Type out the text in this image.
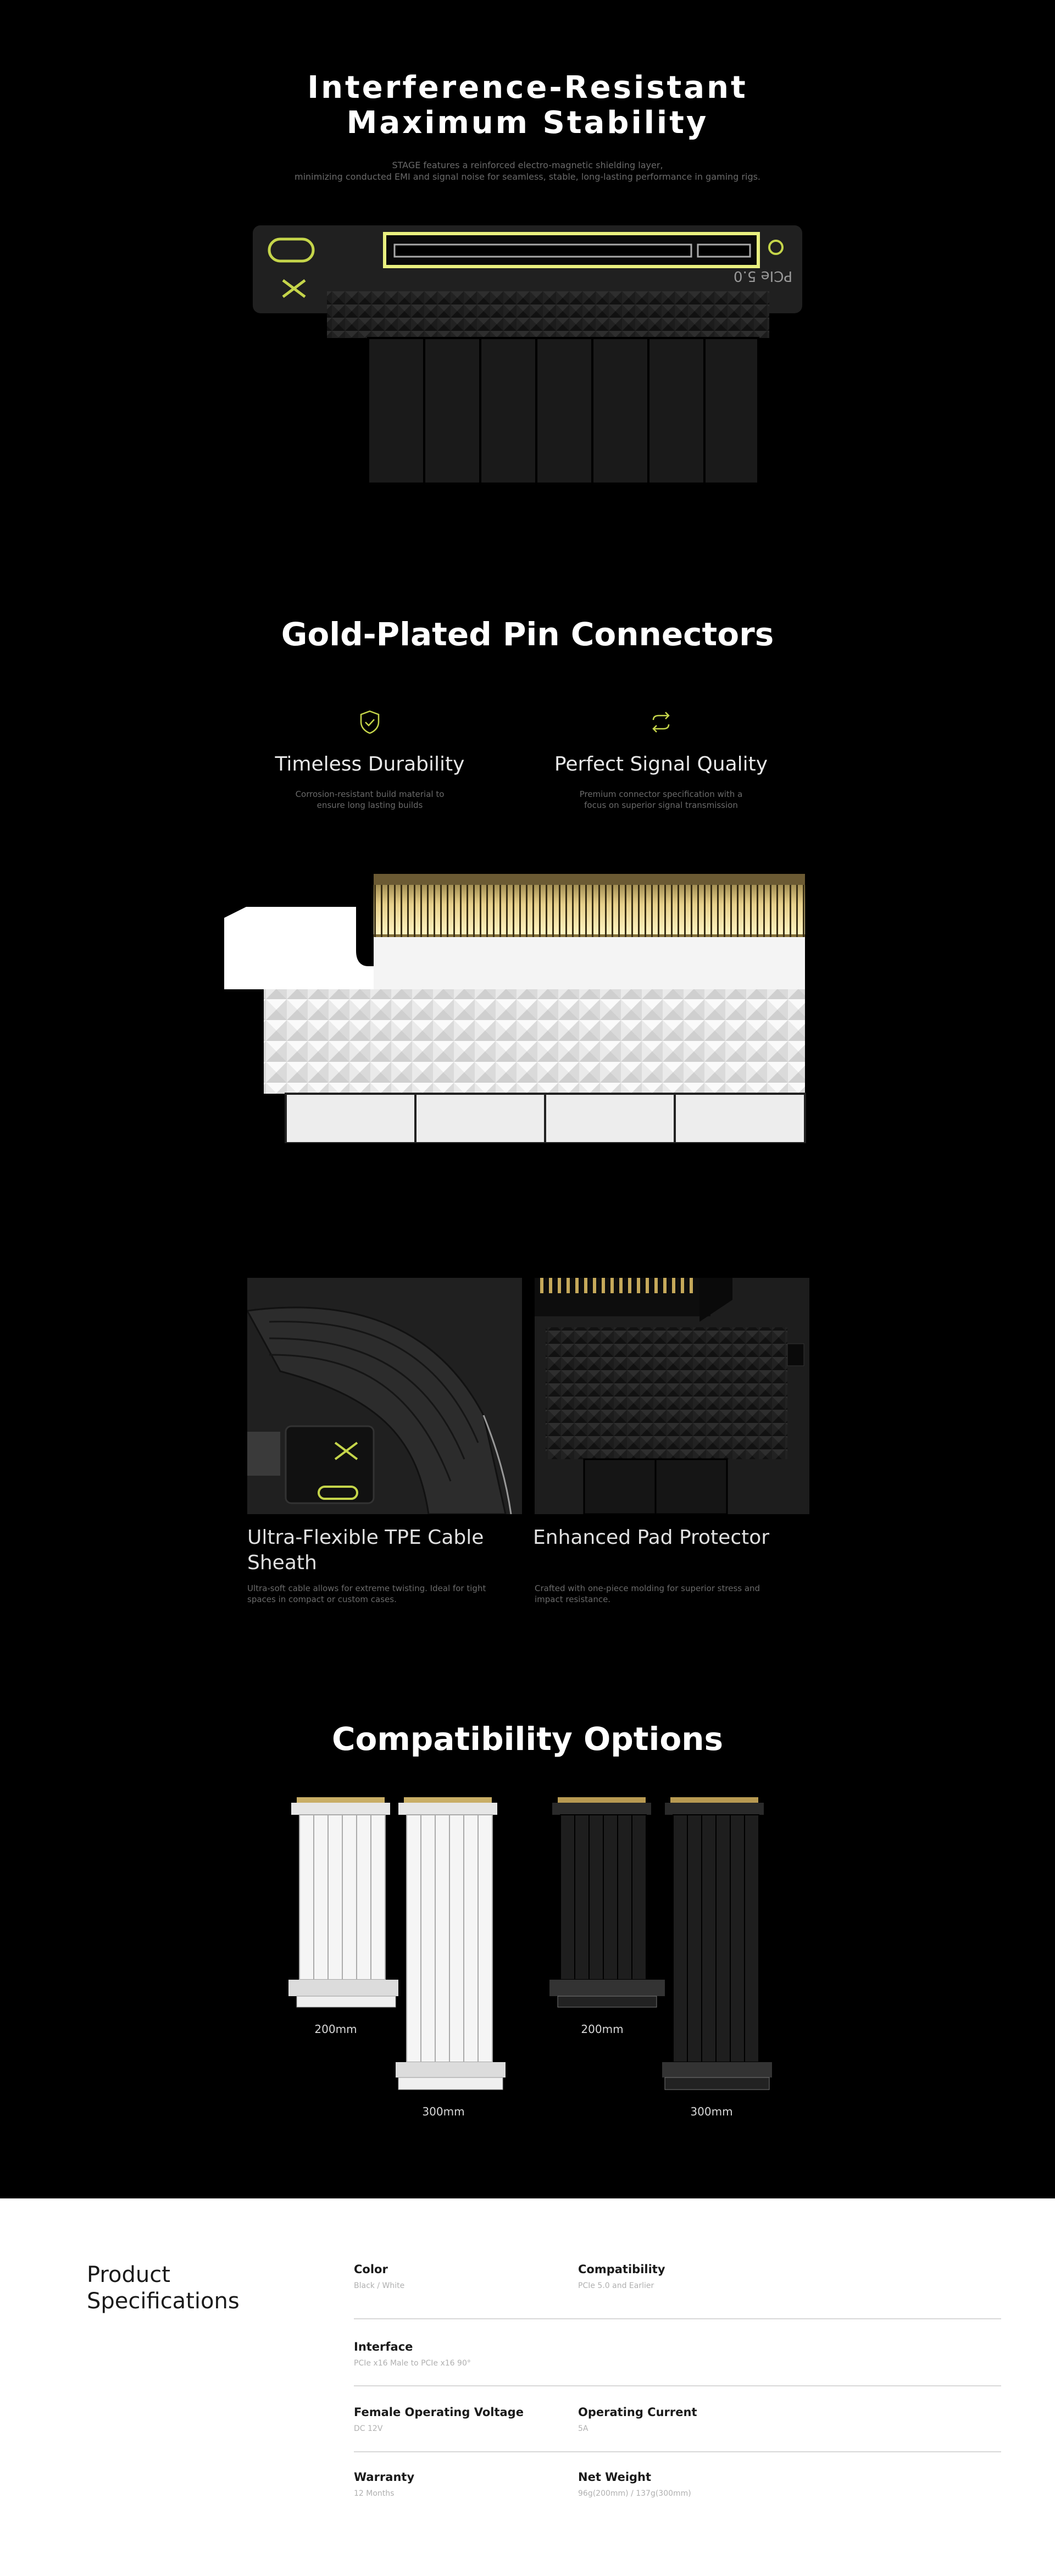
Interference-Resistant
Maximum Stability
STAGE features a reinforced electro-magnetic shielding layer,
minimizing conducted EMI and signal noise for seamless, stable, long-lasting performance in gaming rigs.
PCIe 5.0
Gold-Plated Pin Connectors
Timeless Durability
Corrosion-resistant build material to ensure long lasting builds
Perfect Signal Quality
Premium connector specification with a focus on superior signal transmission
Ultra-Flexible TPE Cable Sheath
Ultra-soft cable allows for extreme twisting. Ideal for tight spaces in compact or custom cases.
Enhanced Pad Protector
Crafted with one-piece molding for superior stress and impact resistance.
Compatibility Options
200mm
300mm
200mm
300mm
Product Specifications
Color
Black / White
Compatibility
PCIe 5.0 and Earlier
Interface
PCIe x16 Male to PCIe x16 90°
Female Operating Voltage
DC 12V
Operating Current
5A
Warranty
12 Months
Net Weight
96g(200mm) / 137g(300mm)
